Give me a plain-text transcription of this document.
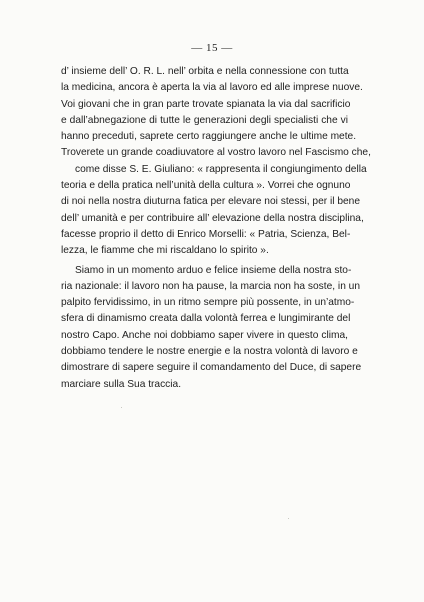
— 15 —
d’ insieme dell’ O. R. L. nell’ orbita e nella connessione con tutta
la medicina, ancora è aperta la via al lavoro ed alle imprese nuove.
Voi giovani che in gran parte trovate spianata la via dal sacrificio
e dall’abnegazione di tutte le generazioni degli specialisti che vi
hanno preceduti, saprete certo raggiungere anche le ultime mete.
Troverete un grande coadiuvatore al vostro lavoro nel Fascismo che,
come disse S. E. Giuliano: « rappresenta il congiungimento della
teoria e della pratica nell’unità della cultura ». Vorrei che ognuno
di noi nella nostra diuturna fatica per elevare noi stessi, per il bene
dell’ umanità e per contribuire all’ elevazione della nostra disciplina,
facesse proprio il detto di Enrico Morselli: « Patria, Scienza, Bel-
lezza, le fiamme che mi riscaldano lo spirito ».
Siamo in un momento arduo e felice insieme della nostra sto-
ria nazionale: il lavoro non ha pause, la marcia non ha soste, in un
palpito fervidissimo, in un ritmo sempre più possente, in un’atmo-
sfera di dinamismo creata dalla volontà ferrea e lungimirante del
nostro Capo. Anche noi dobbiamo saper vivere in questo clima,
dobbiamo tendere le nostre energie e la nostra volontà di lavoro e
dimostrare di sapere seguire il comandamento del Duce, di sapere
marciare sulla Sua traccia.
